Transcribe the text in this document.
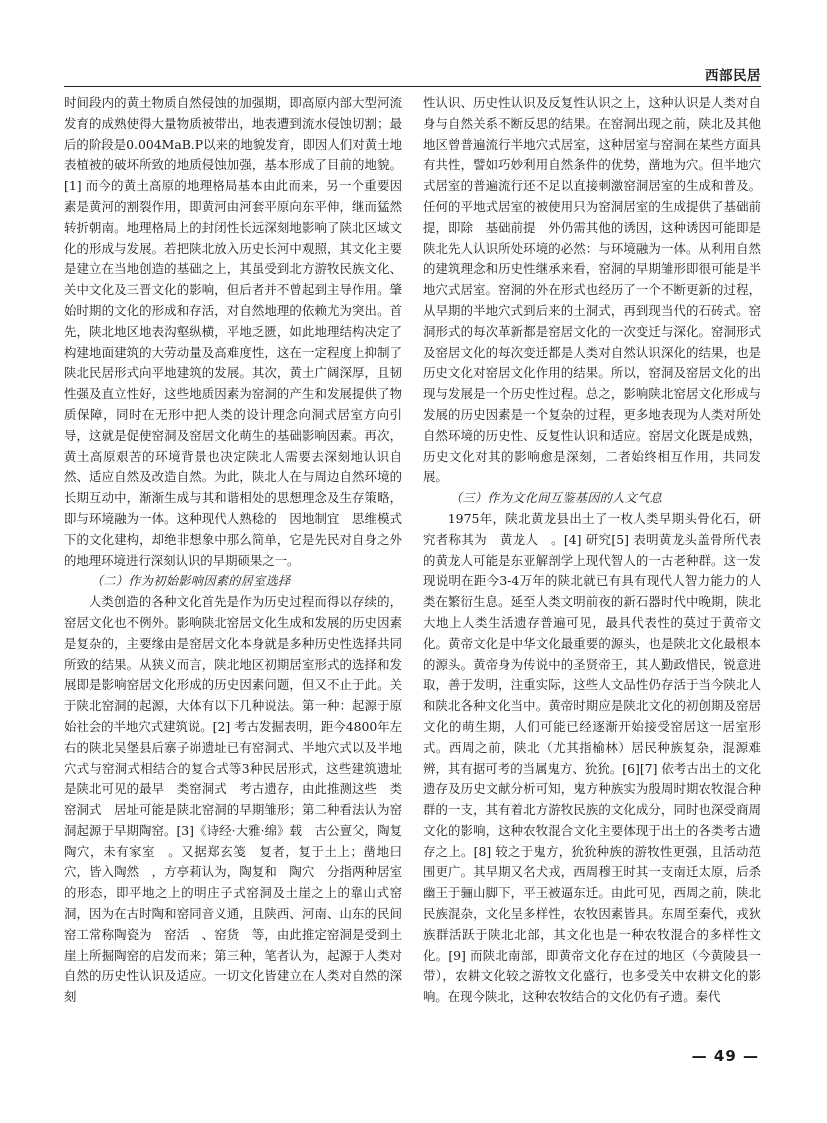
西部民居

时间段内的黄土物质自然侵蚀的加强期，即高原内部大型河流发育的成熟使得大量物质被带出，地表遭到流水侵蚀切割；最后的阶段是0.004MaB.P以来的地貌发育，即因人们对黄土地表植被的破坏所致的地质侵蚀加强，基本形成了目前的地貌。[1] 而今的黄土高原的地理格局基本由此而来，另一个重要因素是黄河的割裂作用，即黄河由河套平原向东平伸，继而猛然转折朝南。地理格局上的封闭性长远深刻地影响了陕北区域文化的形成与发展。若把陕北放入历史长河中观照，其文化主要是建立在当地创造的基础之上，其虽受到北方游牧民族文化、关中文化及三晋文化的影响，但后者并不曾起到主导作用。肇始时期的文化的形成和存活，对自然地理的依赖尤为突出。首先，陕北地区地表沟壑纵横，平地乏匮，如此地理结构决定了构建地面建筑的大劳动量及高难度性，这在一定程度上抑制了陕北民居形式向平地建筑的发展。其次，黄土广阔深厚，且韧性强及直立性好，这些地质因素为窑洞的产生和发展提供了物质保障，同时在无形中把人类的设计理念向洞式居室方向引导，这就是促使窑洞及窑居文化萌生的基础影响因素。再次，黄土高原艰苦的环境背景也决定陕北人需要去深刻地认识自然、适应自然及改造自然。为此，陕北人在与周边自然环境的长期互动中，渐渐生成与其和谐相处的思想理念及生存策略，即与环境融为一体。这种现代人熟稔的　因地制宜　思维模式下的文化建构，却绝非想象中那么简单，它是先民对自身之外的地理环境进行深刻认识的早期硕果之一。

（二）作为初始影响因素的居室选择

人类创造的各种文化首先是作为历史过程而得以存续的，窑居文化也不例外。影响陕北窑居文化生成和发展的历史因素是复杂的，主要缘由是窑居文化本身就是多种历史性选择共同所致的结果。从狭义而言，陕北地区初期居室形式的选择和发展即是影响窑居文化形成的历史因素问题，但又不止于此。关于陕北窑洞的起源，大体有以下几种说法。第一种：起源于原始社会的半地穴式建筑说。[2] 考古发掘表明，距今4800年左右的陕北吴堡县后寨子峁遗址已有窑洞式、半地穴式以及半地穴式与窑洞式相结合的复合式等3种民居形式，这些建筑遗址是陕北可见的最早　类窑洞式　考古遗存，由此推测这些　类窑洞式　居址可能是陕北窑洞的早期雏形；第二种看法认为窑洞起源于早期陶窑。[3]《诗经·大雅·绵》载　古公亶父，陶复陶穴，未有家室　。又据郑玄笺　复者，复于土上；凿地曰穴，皆入陶然　，方亭莉认为，陶复和　陶穴　分指两种居室的形态，即平地之上的明庄子式窑洞及土崖之上的靠山式窑洞，因为在古时陶和窑同音义通，且陕西、河南、山东的民间窑工常称陶瓷为　窑活　、窑货　等，由此推定窑洞是受到土崖上所掘陶窑的启发而来；第三种，笔者认为，起源于人类对自然的历史性认识及适应。一切文化皆建立在人类对自然的深刻

性认识、历史性认识及反复性认识之上，这种认识是人类对自身与自然关系不断反思的结果。在窑洞出现之前，陕北及其他地区曾普遍流行半地穴式居室，这种居室与窑洞在某些方面具有共性，譬如巧妙利用自然条件的优势，凿地为穴。但半地穴式居室的普遍流行还不足以直接刺激窑洞居室的生成和普及。任何的平地式居室的被使用只为窑洞居室的生成提供了基础前提，即除　基础前提　外仍需其他的诱因，这种诱因可能即是陕北先人认识所处环境的必然：与环境融为一体。从利用自然的建筑理念和历史性继承来看，窑洞的早期雏形即很可能是半地穴式居室。窑洞的外在形式也经历了一个不断更新的过程，从早期的半地穴式到后来的土洞式，再到现当代的石砖式。窑洞形式的每次革新都是窑居文化的一次变迁与深化。窑洞形式及窑居文化的每次变迁都是人类对自然认识深化的结果，也是历史文化对窑居文化作用的结果。所以，窑洞及窑居文化的出现与发展是一个历史性过程。总之，影响陕北窑居文化形成与发展的历史因素是一个复杂的过程，更多地表现为人类对所处自然环境的历史性、反复性认识和适应。窑居文化既是成熟，历史文化对其的影响愈是深刻，二者始终相互作用，共同发展。

（三）作为文化间互鉴基因的人文气息

1975年，陕北黄龙县出土了一枚人类早期头骨化石，研究者称其为　黄龙人　。[4] 研究[5] 表明黄龙头盖骨所代表的黄龙人可能是东亚解剖学上现代智人的一古老种群。这一发现说明在距今3-4万年的陕北就已有具有现代人智力能力的人类在繁衍生息。延至人类文明前夜的新石器时代中晚期，陕北大地上人类生活遗存普遍可见，最具代表性的莫过于黄帝文化。黄帝文化是中华文化最重要的源头，也是陕北文化最根本的源头。黄帝身为传说中的圣贤帝王，其人勤政惜民，锐意进取，善于发明，注重实际，这些人文品性仍存活于当今陕北人和陕北各种文化当中。黄帝时期应是陕北文化的初创期及窑居文化的萌生期，人们可能已经逐渐开始接受窑居这一居室形式。西周之前，陕北（尤其指榆林）居民种族复杂，混源难辨，其有据可考的当属鬼方、狁狁。[6][7] 依考古出土的文化遗存及历史文献分析可知，鬼方种族实为殷周时期农牧混合种群的一支，其有着北方游牧民族的文化成分，同时也深受商周文化的影响，这种农牧混合文化主要体现于出土的各类考古遗存之上。[8] 较之于鬼方，狁狁种族的游牧性更强，且活动范围更广。其早期又名犬戎，西周穆王时其一支南迁太原，后杀幽王于骊山脚下，平王被逼东迁。由此可见，西周之前，陕北民族混杂，文化呈多样性，农牧因素皆具。东周至秦代，戎狄族群活跃于陕北北部，其文化也是一种农牧混合的多样性文化。[9] 而陕北南部，即黄帝文化存在过的地区（今黄陵县一带），农耕文化较之游牧文化盛行，也多受关中农耕文化的影响。在现今陕北，这种农牧结合的文化仍有孑遗。秦代

— 49 —
